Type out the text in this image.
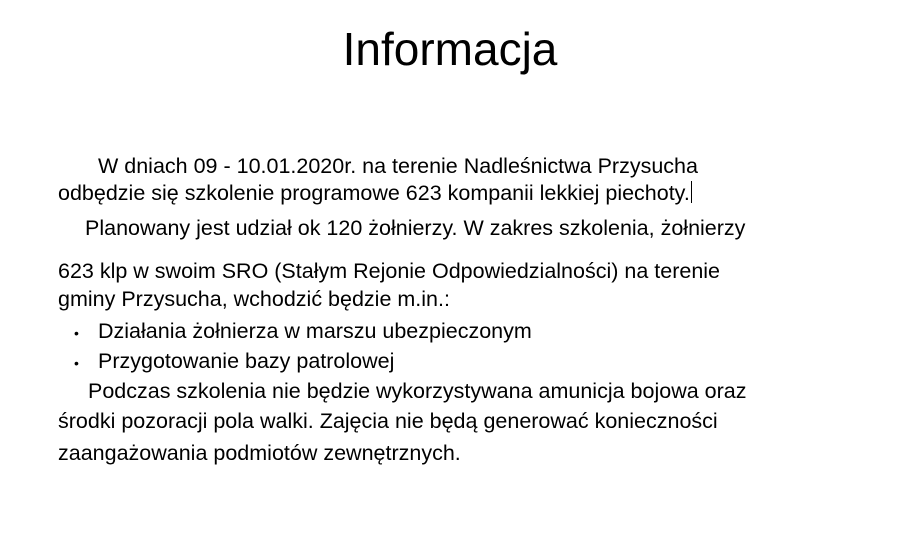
Informacja

W dniach 09 - 10.01.2020r. na terenie Nadleśnictwa Przysucha

odbędzie się szkolenie programowe 623 kompanii lekkiej piechoty.

Planowany jest udział ok 120 żołnierzy. W zakres szkolenia, żołnierzy

623 klp w swoim SRO (Stałym Rejonie Odpowiedzialności) na terenie

gminy Przysucha, wchodzić będzie m.in.:

• Działania żołnierza w marszu ubezpieczonym
• Przygotowanie bazy patrolowej

Podczas szkolenia nie będzie wykorzystywana amunicja bojowa oraz

środki pozoracji pola walki. Zajęcia nie będą generować konieczności

zaangażowania podmiotów zewnętrznych.
